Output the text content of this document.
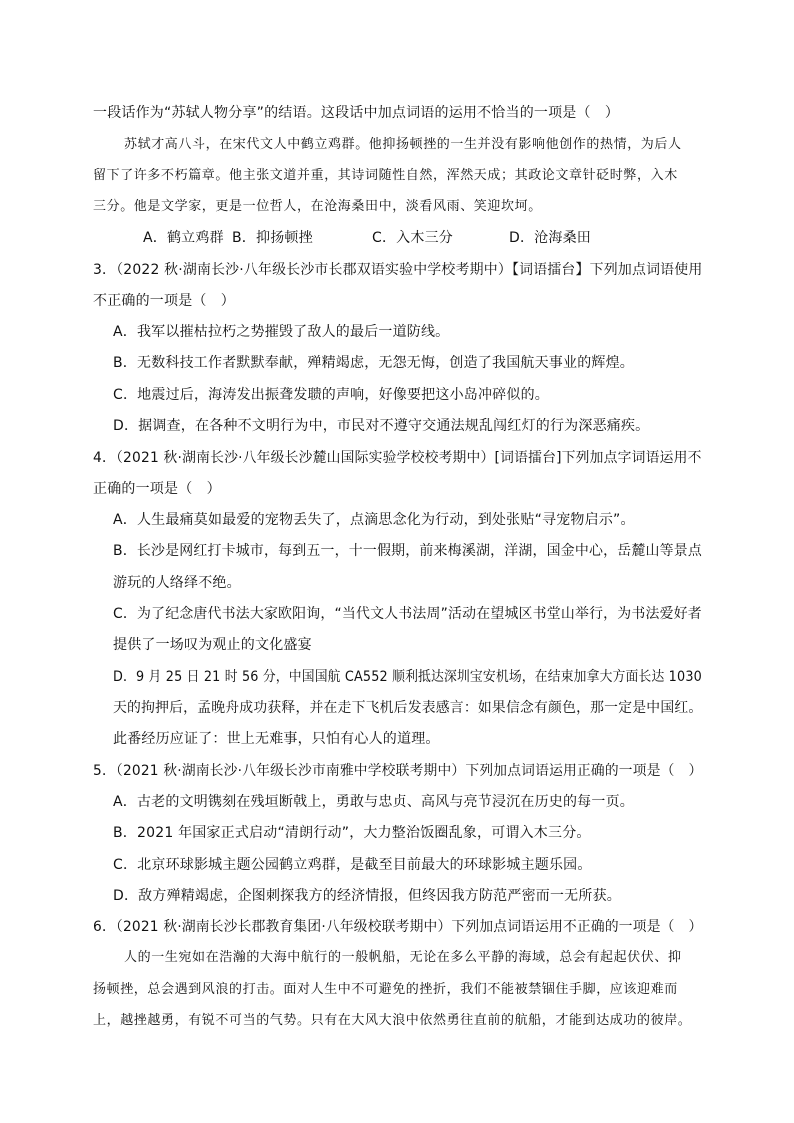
一段话作为“苏轼人物分享”的结语。这段话中加点词语的运用不恰当的一项是（　）
苏轼才高八斗，在宋代文人中鹤立鸡群。他抑扬顿挫的一生并没有影响他创作的热情，为后人
留下了许多不朽篇章。他主张文道并重，其诗词随性自然，浑然天成；其政论文章针砭时弊，入木
三分。他是文学家，更是一位哲人，在沧海桑田中，淡看风雨、笑迎坎坷。
A．鹤立鸡群 B．抑扬顿挫	C．入木三分	D．沧海桑田
3．（2022 秋·湖南长沙·八年级长沙市长郡双语实验中学校考期中）【词语擂台】下列加点词语使用
不正确的一项是（　）
A．我军以摧枯拉朽之势摧毁了敌人的最后一道防线。
B．无数科技工作者默默奉献，殚精竭虑，无怨无悔，创造了我国航天事业的辉煌。
C．地震过后，海涛发出振聋发聩的声响，好像要把这小岛冲碎似的。
D．据调查，在各种不文明行为中，市民对不遵守交通法规乱闯红灯的行为深恶痛疾。
4．（2021 秋·湖南长沙·八年级长沙麓山国际实验学校校考期中）[词语擂台]下列加点字词语运用不
正确的一项是（　）
A．人生最痛莫如最爱的宠物丢失了，点滴思念化为行动，到处张贴“寻宠物启示”。
B．长沙是网红打卡城市，每到五一，十一假期，前来梅溪湖，洋湖，国金中心，岳麓山等景点
游玩的人络绎不绝。
C．为了纪念唐代书法大家欧阳询，“当代文人书法周”活动在望城区书堂山举行，为书法爱好者
提供了一场叹为观止的文化盛宴
D．9 月 25 日 21 时 56 分，中国国航 CA552 顺利抵达深圳宝安机场，在结束加拿大方面长达 1030
天的拘押后，孟晚舟成功获释，并在走下飞机后发表感言：如果信念有颜色，那一定是中国红。
此番经历应证了：世上无难事，只怕有心人的道理。
5．（2021 秋·湖南长沙·八年级长沙市南雅中学校联考期中）下列加点词语运用正确的一项是（　）
A．古老的文明镌刻在残垣断戟上，勇敢与忠贞、高风与亮节浸沉在历史的每一页。
B．2021 年国家正式启动“清朗行动”，大力整治饭圈乱象，可谓入木三分。
C．北京环球影城主题公园鹤立鸡群，是截至目前最大的环球影城主题乐园。
D．敌方殚精竭虑，企图刺探我方的经济情报，但终因我方防范严密而一无所获。
6．（2021 秋·湖南长沙长郡教育集团·八年级校联考期中）下列加点词语运用不正确的一项是（　）
人的一生宛如在浩瀚的大海中航行的一般帆船，无论在多么平静的海域，总会有起起伏伏、抑
扬顿挫，总会遇到风浪的打击。面对人生中不可避免的挫折，我们不能被禁锢住手脚，应该迎难而
上，越挫越勇，有锐不可当的气势。只有在大风大浪中依然勇往直前的航船，才能到达成功的彼岸。
